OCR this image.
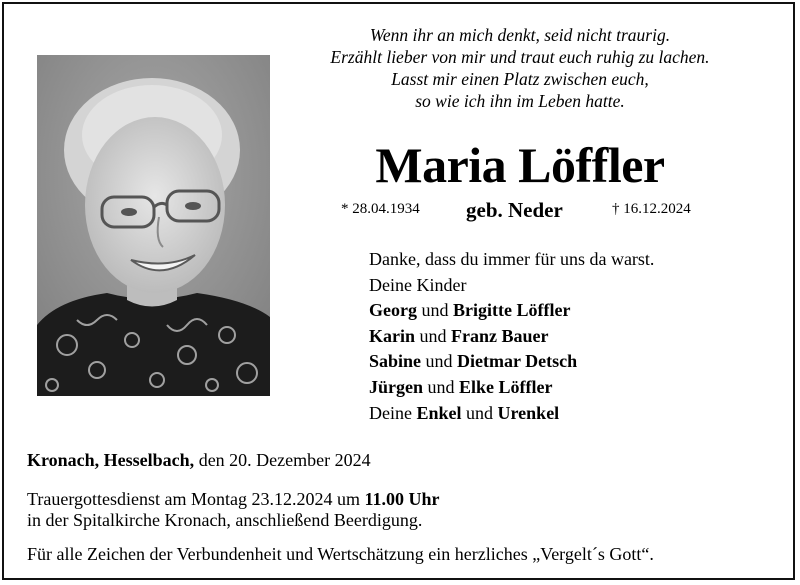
Wenn ihr an mich denkt, seid nicht traurig.
Erzählt lieber von mir und traut euch ruhig zu lachen.
Lasst mir einen Platz zwischen euch,
so wie ich ihn im Leben hatte.
Maria Löffler
* 28.04.1934 geb. Neder	† 16.12.2024
Danke, dass du immer für uns da warst.
Deine Kinder
Georg und Brigitte Löffler
Karin und Franz Bauer
Sabine und Dietmar Detsch
Jürgen und Elke Löffler
Deine Enkel und Urenkel
Kronach, Hesselbach, den 20. Dezember 2024
Trauergottesdienst am Montag 23.12.2024 um 11.00 Uhr
in der Spitalkirche Kronach, anschließend Beerdigung.
Für alle Zeichen der Verbundenheit und Wertschätzung ein herzliches „Vergelt´s Gott“.
